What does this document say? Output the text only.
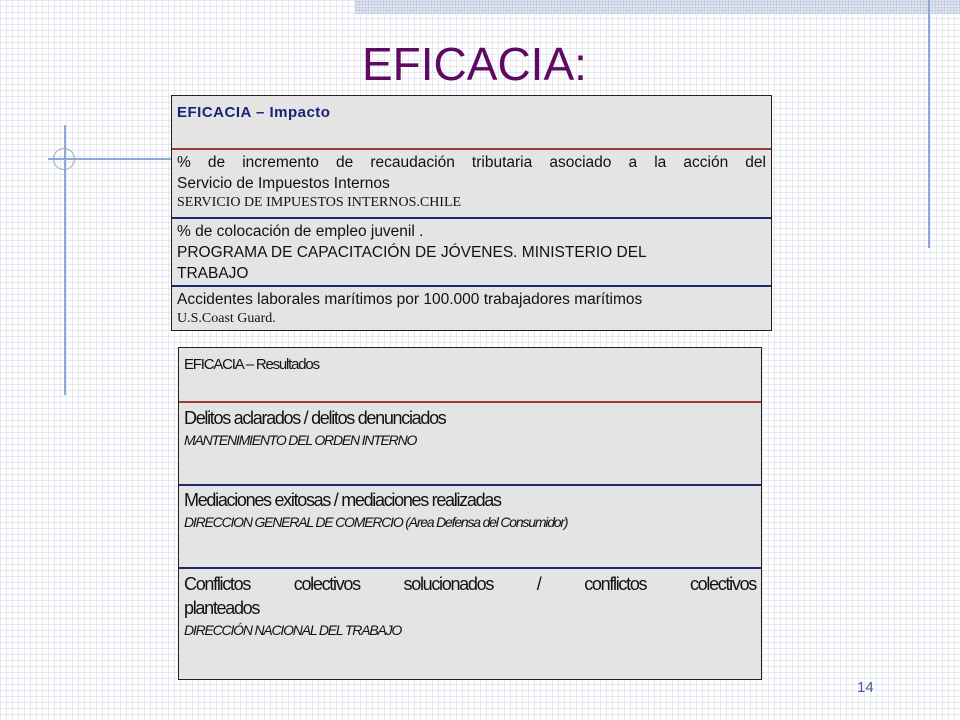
EFICACIA:
EFICACIA – Impacto
% de incremento de recaudación tributaria asociado a la acción del
Servicio de Impuestos Internos
SERVICIO DE IMPUESTOS INTERNOS.CHILE
% de colocación de empleo juvenil .
PROGRAMA DE CAPACITACIÓN DE JÓVENES. MINISTERIO DEL
TRABAJO
Accidentes laborales marítimos por 100.000 trabajadores marítimos
U.S.Coast Guard.
EFICACIA – Resultados
Delitos aclarados / delitos denunciados
MANTENIMIENTO DEL ORDEN INTERNO
Mediaciones exitosas / mediaciones realizadas
DIRECCION GENERAL DE COMERCIO (Area Defensa del Consumidor)
Conflictos colectivos solucionados / conflictos colectivos
planteados
DIRECCIÓN NACIONAL DEL TRABAJO
14
